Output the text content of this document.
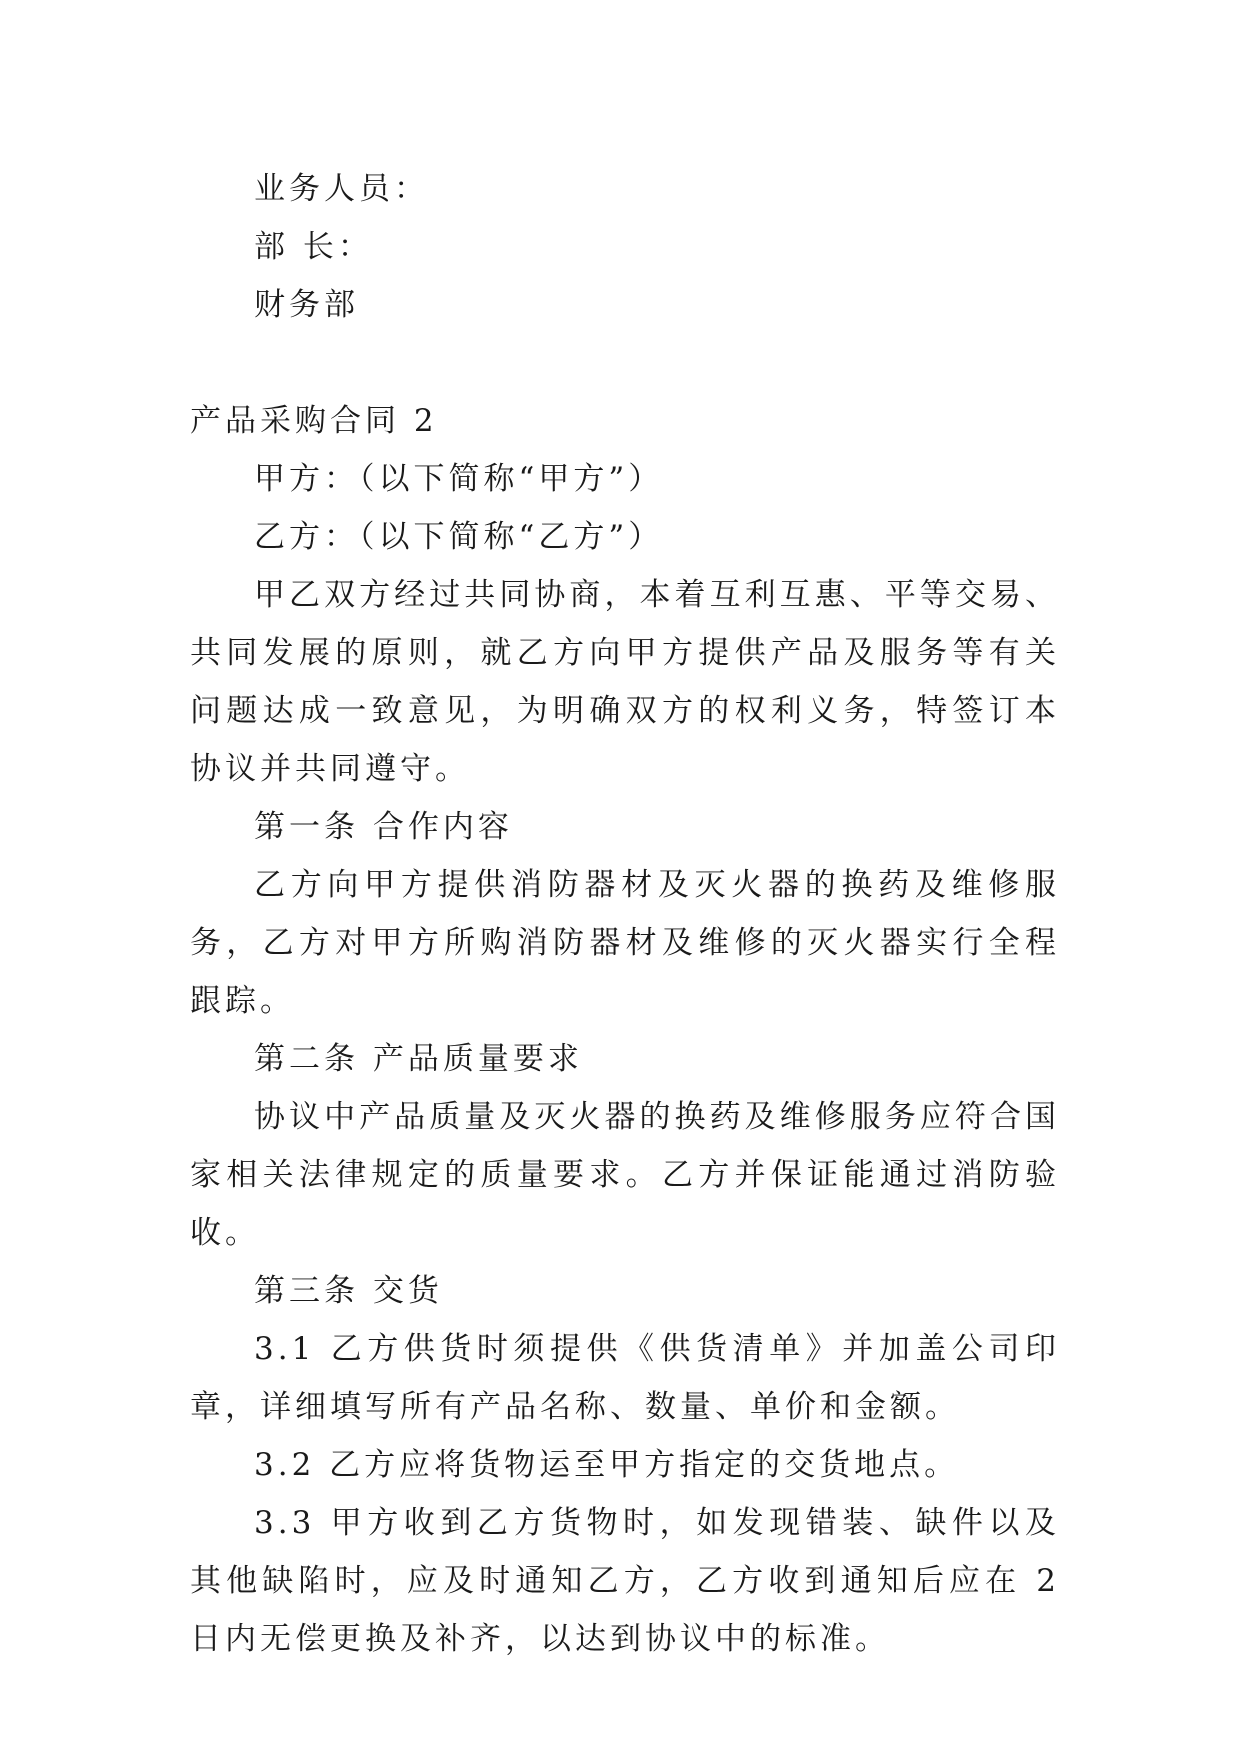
业务人员：

部 长：

财务部

产品采购合同 2

甲方：（以下简称“甲方”）

乙方：（以下简称“乙方”）

甲乙双方经过共同协商，本着互利互惠、平等交易、共同发展的原则，就乙方向甲方提供产品及服务等有关问题达成一致意见，为明确双方的权利义务，特签订本协议并共同遵守。

第一条 合作内容

乙方向甲方提供消防器材及灭火器的换药及维修服务，乙方对甲方所购消防器材及维修的灭火器实行全程跟踪。

第二条 产品质量要求

协议中产品质量及灭火器的换药及维修服务应符合国家相关法律规定的质量要求。乙方并保证能通过消防验收。

第三条 交货

3.1 乙方供货时须提供《供货清单》并加盖公司印章，详细填写所有产品名称、数量、单价和金额。

3.2 乙方应将货物运至甲方指定的交货地点。

3.3 甲方收到乙方货物时，如发现错装、缺件以及其他缺陷时，应及时通知乙方，乙方收到通知后应在 2 日内无偿更换及补齐，以达到协议中的标准。
